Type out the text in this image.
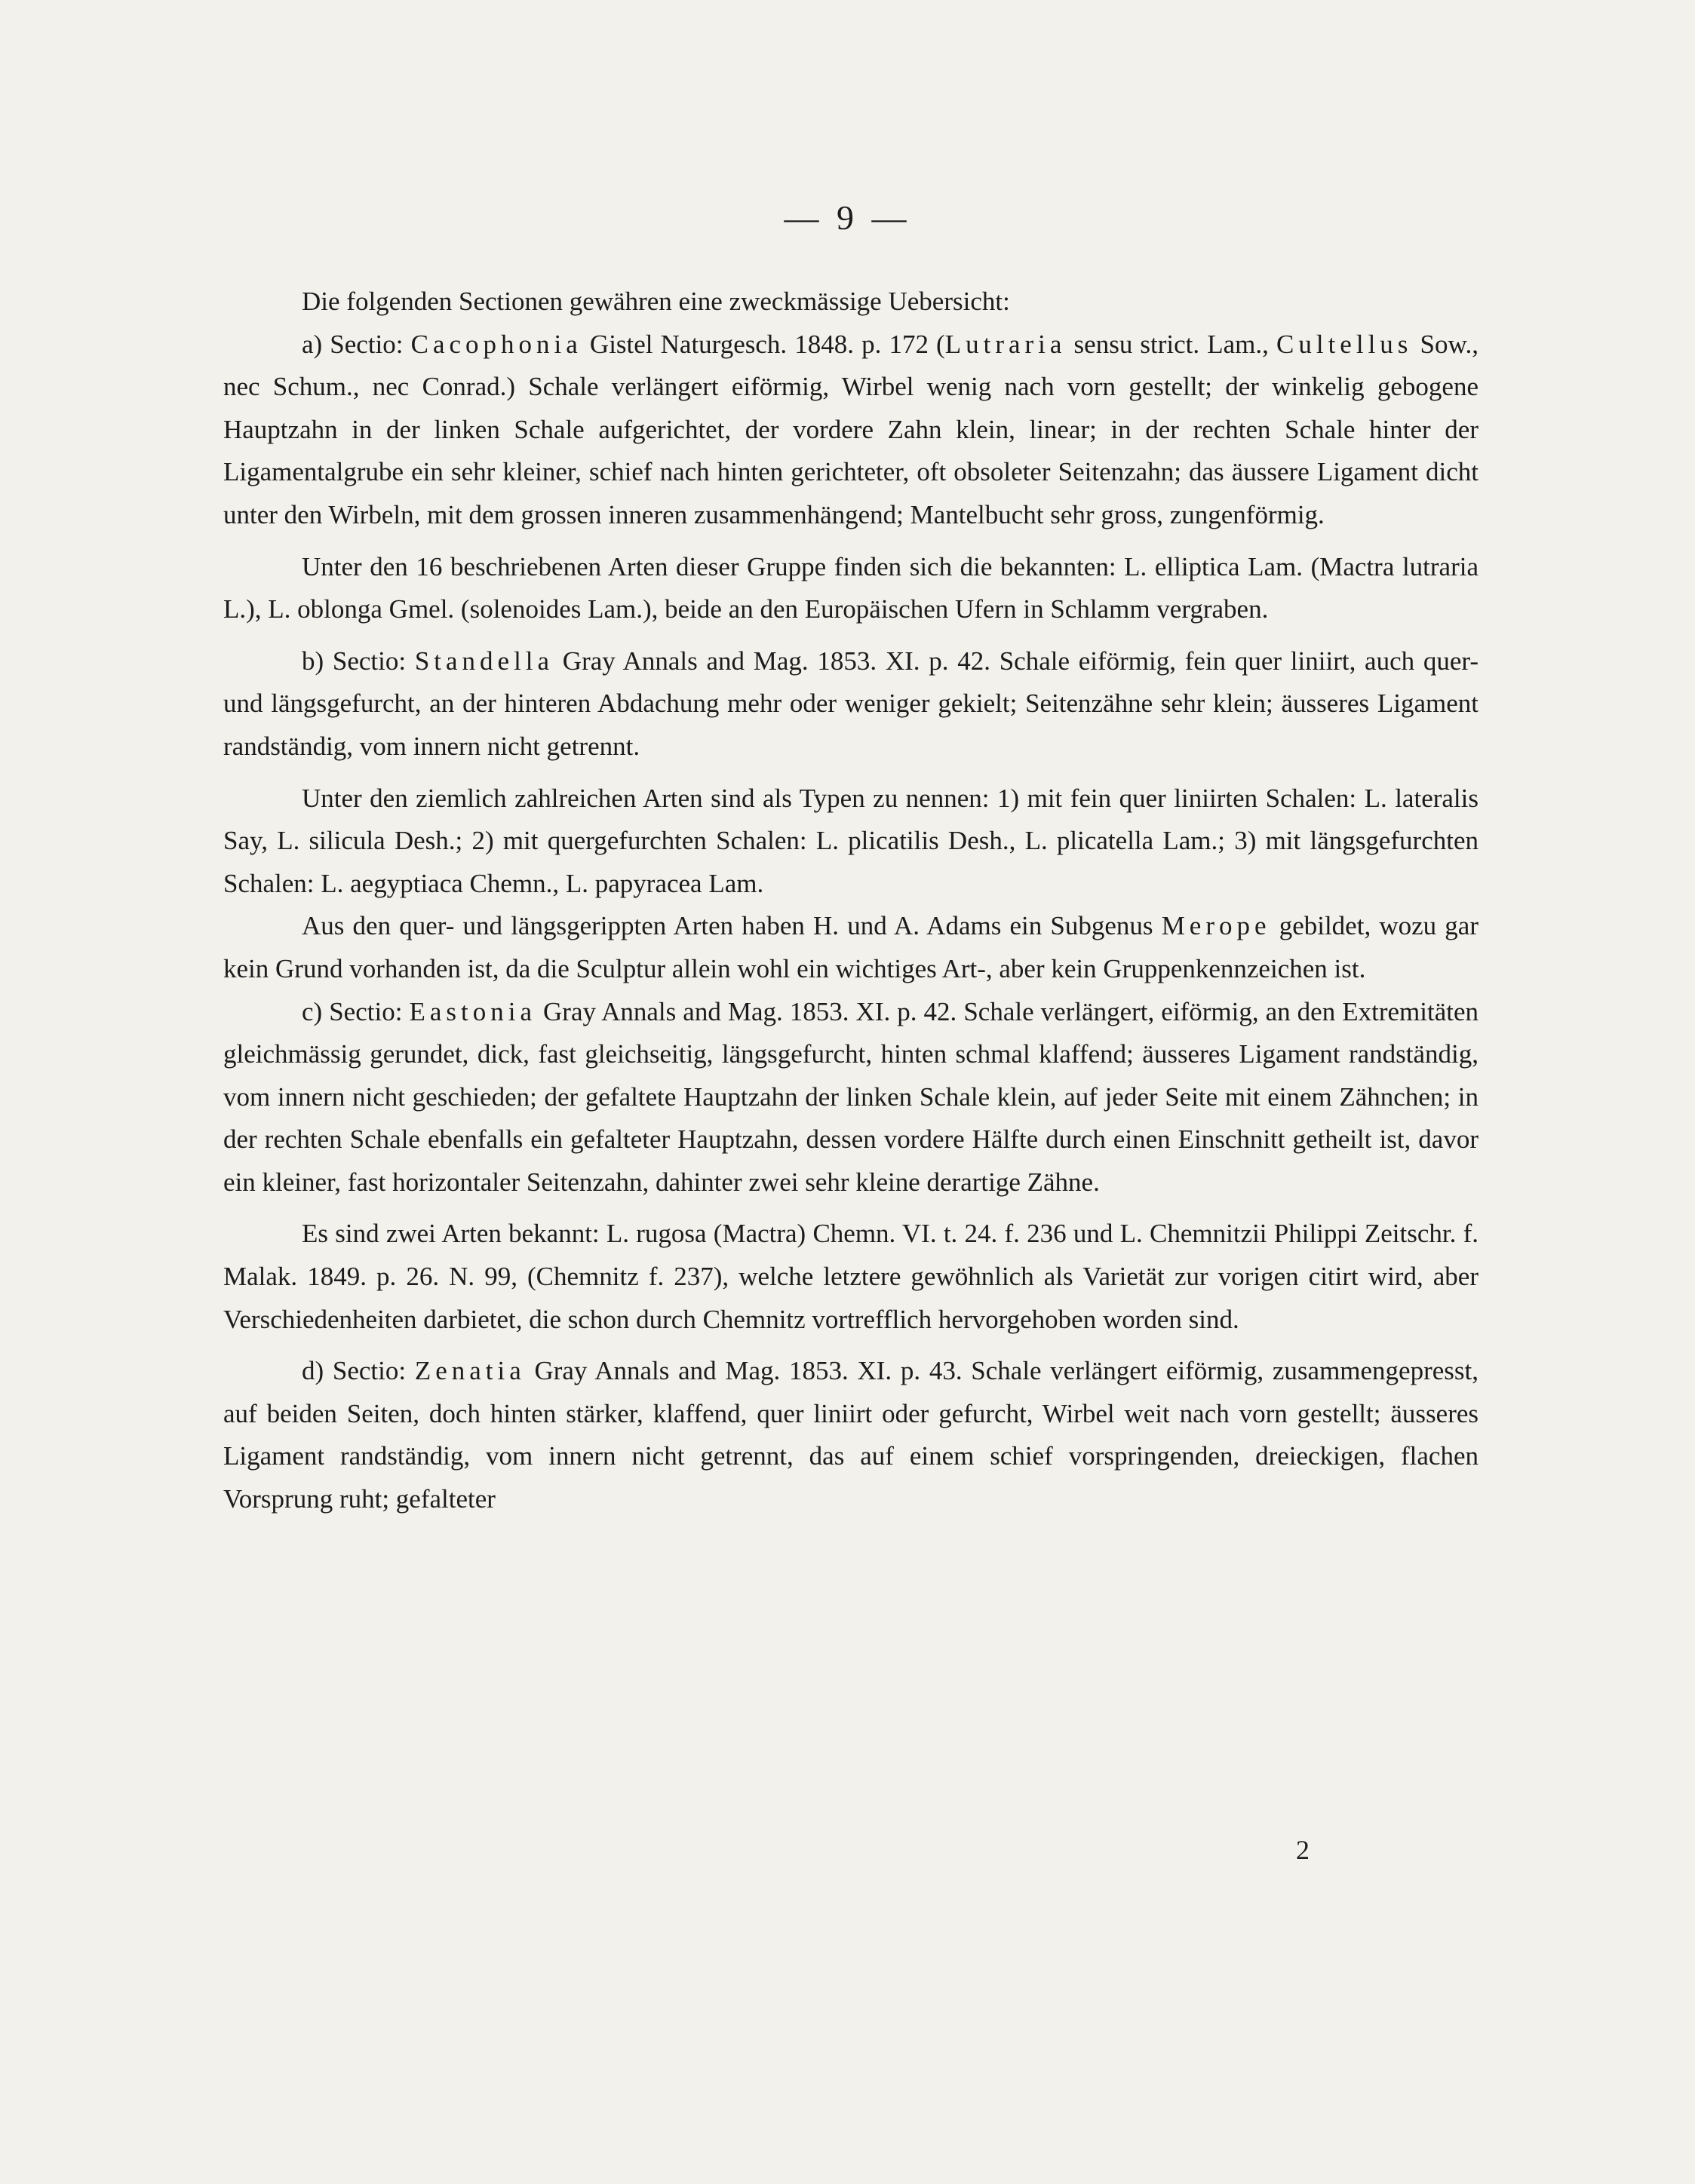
— 9 —

Die folgenden Sectionen gewähren eine zweckmässige Uebersicht:

a) Sectio: Cacophonia Gistel Naturgesch. 1848. p. 172 (Lutraria sensu strict. Lam., Cultellus Sow., nec Schum., nec Conrad.) Schale verlängert eiförmig, Wirbel wenig nach vorn gestellt; der winkelig gebogene Hauptzahn in der linken Schale aufgerichtet, der vordere Zahn klein, linear; in der rechten Schale hinter der Ligamentalgrube ein sehr kleiner, schief nach hinten gerichteter, oft obsoleter Seitenzahn; das äussere Ligament dicht unter den Wirbeln, mit dem grossen inneren zusammenhängend; Mantelbucht sehr gross, zungenförmig.

Unter den 16 beschriebenen Arten dieser Gruppe finden sich die bekannten: L. elliptica Lam. (Mactra lutraria L.), L. oblonga Gmel. (solenoides Lam.), beide an den Europäischen Ufern in Schlamm vergraben.

b) Sectio: Standella Gray Annals and Mag. 1853. XI. p. 42. Schale eiförmig, fein quer liniirt, auch quer- und längsgefurcht, an der hinteren Abdachung mehr oder weniger gekielt; Seitenzähne sehr klein; äusseres Ligament randständig, vom innern nicht getrennt.

Unter den ziemlich zahlreichen Arten sind als Typen zu nennen: 1) mit fein quer liniirten Schalen: L. lateralis Say, L. silicula Desh.; 2) mit quergefurchten Schalen: L. plicatilis Desh., L. plicatella Lam.; 3) mit längsgefurchten Schalen: L. aegyptiaca Chemn., L. papyracea Lam.

Aus den quer- und längsgerippten Arten haben H. und A. Adams ein Subgenus Merope gebildet, wozu gar kein Grund vorhanden ist, da die Sculptur allein wohl ein wichtiges Art-, aber kein Gruppenkennzeichen ist.

c) Sectio: Eastonia Gray Annals and Mag. 1853. XI. p. 42. Schale verlängert, eiförmig, an den Extremitäten gleichmässig gerundet, dick, fast gleichseitig, längsgefurcht, hinten schmal klaffend; äusseres Ligament randständig, vom innern nicht geschieden; der gefaltete Hauptzahn der linken Schale klein, auf jeder Seite mit einem Zähnchen; in der rechten Schale ebenfalls ein gefalteter Hauptzahn, dessen vordere Hälfte durch einen Einschnitt getheilt ist, davor ein kleiner, fast horizontaler Seitenzahn, dahinter zwei sehr kleine derartige Zähne.

Es sind zwei Arten bekannt: L. rugosa (Mactra) Chemn. VI. t. 24. f. 236 und L. Chemnitzii Philippi Zeitschr. f. Malak. 1849. p. 26. N. 99, (Chemnitz f. 237), welche letztere gewöhnlich als Varietät zur vorigen citirt wird, aber Verschiedenheiten darbietet, die schon durch Chemnitz vortrefflich hervorgehoben worden sind.

d) Sectio: Zenatia Gray Annals and Mag. 1853. XI. p. 43. Schale verlängert eiförmig, zusammengepresst, auf beiden Seiten, doch hinten stärker, klaffend, quer liniirt oder gefurcht, Wirbel weit nach vorn gestellt; äusseres Ligament randständig, vom innern nicht getrennt, das auf einem schief vorspringenden, dreieckigen, flachen Vorsprung ruht; gefalteter

2
